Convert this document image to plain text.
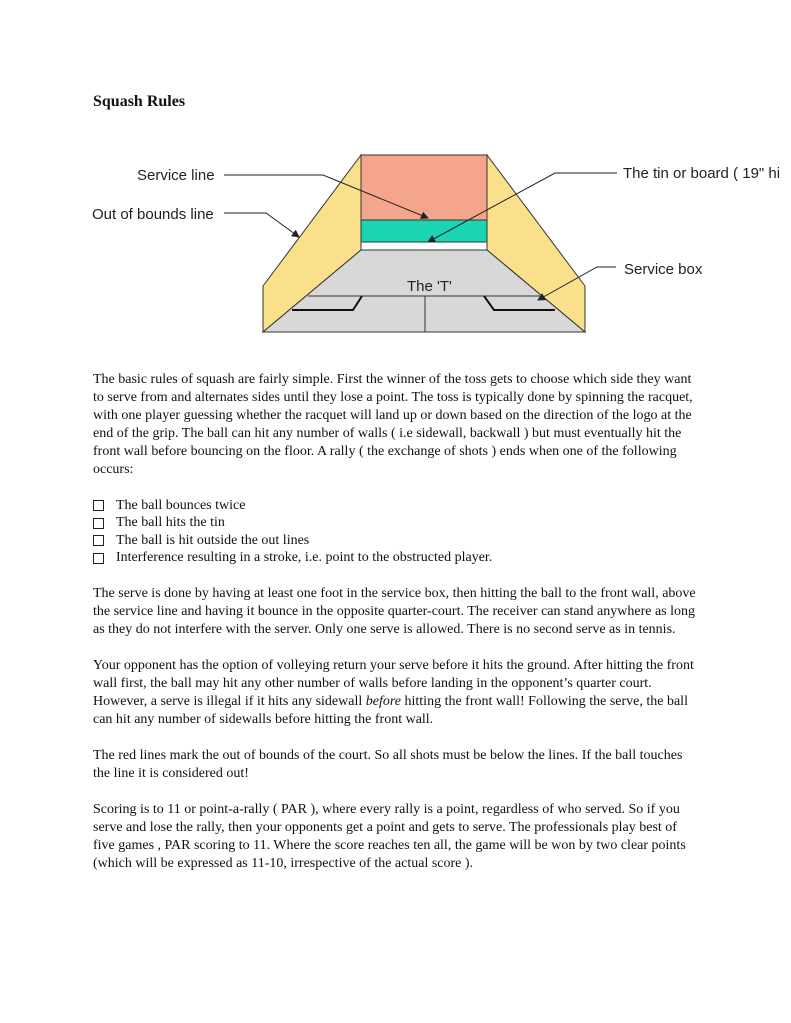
Squash Rules
Service line
Out of bounds line
The tin or board ( 19" hi
Service box
The 'T'

The basic rules of squash are fairly simple. First the winner of the toss gets to choose which side they want to serve from and alternates sides until they lose a point. The toss is typically done by spinning the racquet, with one player guessing whether the racquet will land up or down based on the direction of the logo at the end of the grip. The ball can hit any number of walls ( i.e sidewall, backwall ) but must eventually hit the front wall before bouncing on the floor. A rally ( the exchange of shots ) ends when one of the following occurs:

The ball bounces twice
The ball hits the tin
The ball is hit outside the out lines
Interference resulting in a stroke, i.e. point to the obstructed player.

The serve is done by having at least one foot in the service box, then hitting the ball to the front wall, above the service line and having it bounce in the opposite quarter-court. The receiver can stand anywhere as long as they do not interfere with the server. Only one serve is allowed. There is no second serve as in tennis.

Your opponent has the option of volleying return your serve before it hits the ground. After hitting the front wall first, the ball may hit any other number of walls before landing in the opponent’s quarter court. However, a serve is illegal if it hits any sidewall before hitting the front wall! Following the serve, the ball can hit any number of sidewalls before hitting the front wall.

The red lines mark the out of bounds of the court. So all shots must be below the lines. If the ball touches the line it is considered out!

Scoring is to 11 or point-a-rally ( PAR ), where every rally is a point, regardless of who served. So if you serve and lose the rally, then your opponents get a point and gets to serve. The professionals play best of five games , PAR scoring to 11. Where the score reaches ten all, the game will be won by two clear points (which will be expressed as 11-10, irrespective of the actual score ).
